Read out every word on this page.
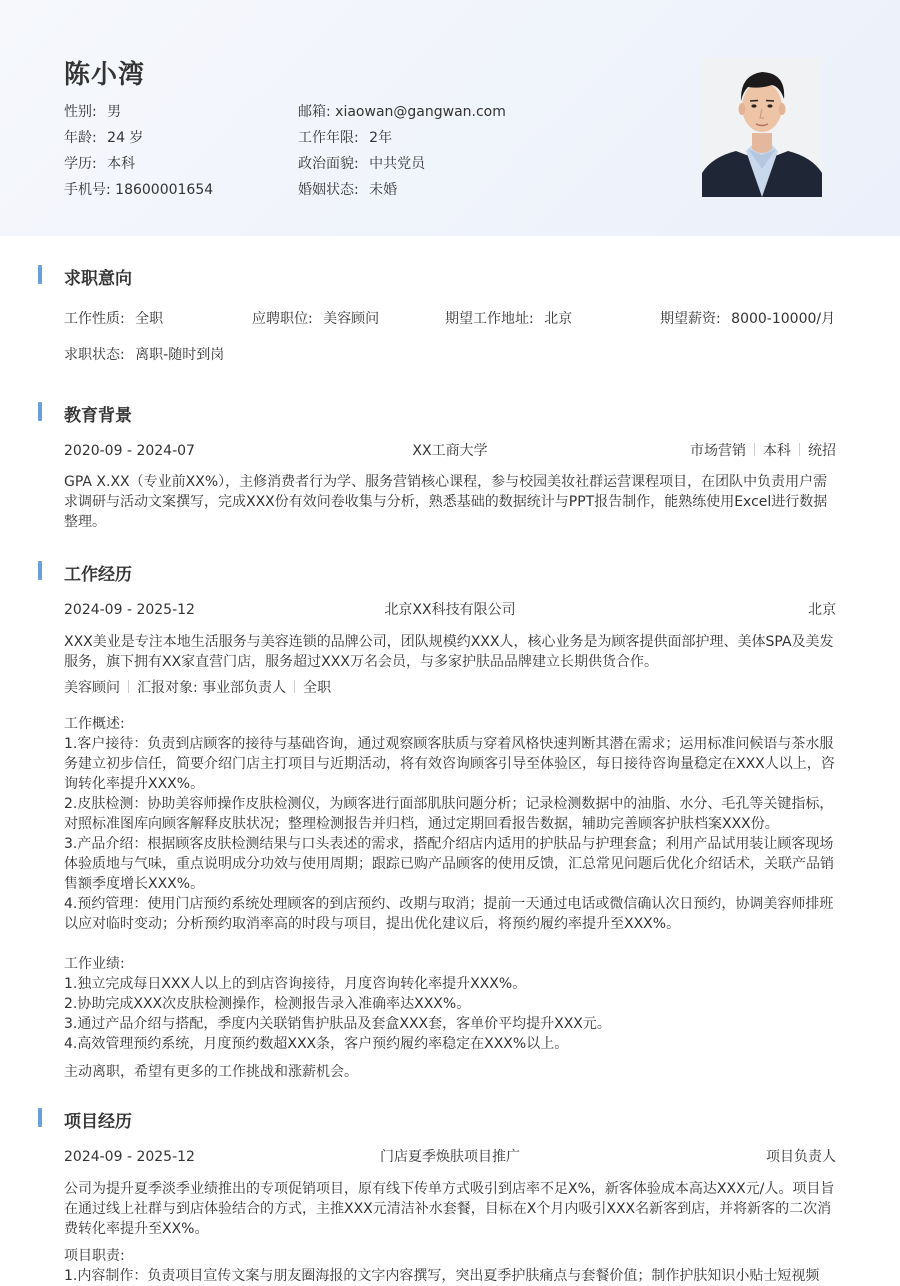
陈小湾
性别: 男
年龄: 24 岁
学历: 本科
手机号: 18600001654
邮箱: xiaowan@gangwan.com
工作年限: 2年
政治面貌: 中共党员
婚姻状态: 未婚
求职意向
工作性质: 全职	应聘职位: 美容顾问	期望工作地址: 北京	期望薪资: 8000-10000/月
求职状态: 离职-随时到岗
教育背景
2020-09 - 2024-07	XX工商大学	市场营销 本科 统招
GPA X.XX（专业前XX%），主修消费者行为学、服务营销核心课程，参与校园美妆社群运营课程项目，在团队中负责用户需求调研与活动文案撰写，完成XXX份有效问卷收集与分析，熟悉基础的数据统计与PPT报告制作，能熟练使用Excel进行数据整理。
工作经历
2024-09 - 2025-12	北京XX科技有限公司	北京
XXX美业是专注本地生活服务与美容连锁的品牌公司，团队规模约XXX人，核心业务是为顾客提供面部护理、美体SPA及美发服务，旗下拥有XX家直营门店，服务超过XXX万名会员，与多家护肤品品牌建立长期供货合作。
美容顾问 汇报对象: 事业部负责人 全职
工作概述:
1.客户接待：负责到店顾客的接待与基础咨询，通过观察顾客肤质与穿着风格快速判断其潜在需求；运用标准问候语与茶水服务建立初步信任，简要介绍门店主打项目与近期活动，将有效咨询顾客引导至体验区，每日接待咨询量稳定在XXX人以上，咨询转化率提升XXX%。
2.皮肤检测：协助美容师操作皮肤检测仪，为顾客进行面部肌肤问题分析；记录检测数据中的油脂、水分、毛孔等关键指标，对照标准图库向顾客解释皮肤状况；整理检测报告并归档，通过定期回看报告数据，辅助完善顾客护肤档案XXX份。
3.产品介绍：根据顾客皮肤检测结果与口头表述的需求，搭配介绍店内适用的护肤品与护理套盒；利用产品试用装让顾客现场体验质地与气味，重点说明成分功效与使用周期；跟踪已购产品顾客的使用反馈，汇总常见问题后优化介绍话术，关联产品销售额季度增长XXX%。
4.预约管理：使用门店预约系统处理顾客的到店预约、改期与取消；提前一天通过电话或微信确认次日预约，协调美容师排班以应对临时变动；分析预约取消率高的时段与项目，提出优化建议后，将预约履约率提升至XXX%。
工作业绩:
1.独立完成每日XXX人以上的到店咨询接待，月度咨询转化率提升XXX%。
2.协助完成XXX次皮肤检测操作，检测报告录入准确率达XXX%。
3.通过产品介绍与搭配，季度内关联销售护肤品及套盒XXX套，客单价平均提升XXX元。
4.高效管理预约系统，月度预约数超XXX条，客户预约履约率稳定在XXX%以上。
主动离职，希望有更多的工作挑战和涨薪机会。
项目经历
2024-09 - 2025-12	门店夏季焕肤项目推广	项目负责人
公司为提升夏季淡季业绩推出的专项促销项目，原有线下传单方式吸引到店率不足X%，新客体验成本高达XXX元/人。项目旨在通过线上社群与到店体验结合的方式，主推XXX元清洁补水套餐，目标在X个月内吸引XXX名新客到店，并将新客的二次消费转化率提升至XX%。
项目职责:
1.内容制作：负责项目宣传文案与朋友圈海报的文字内容撰写，突出夏季护肤痛点与套餐价值；制作护肤知识小贴士短视频
